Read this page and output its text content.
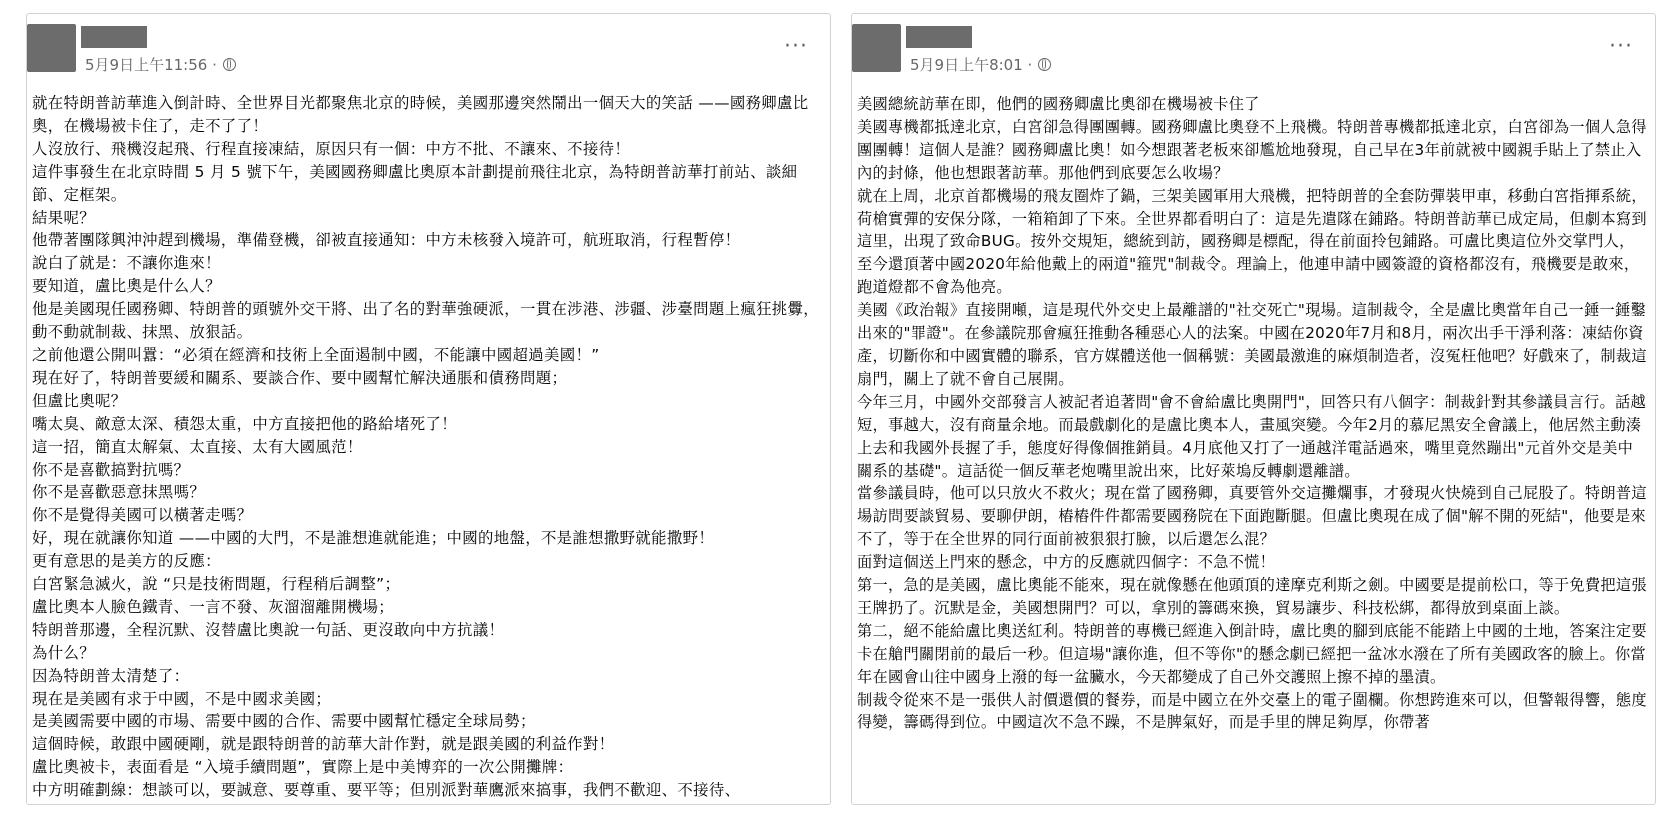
5月9日上午11:56 ·
···

就在特朗普訪華進入倒計時、全世界目光都聚焦北京的時候，美國那邊突然鬧出一個天大的笑話 ——國務卿盧比奧，在機場被卡住了，走不了了！

人沒放行、飛機沒起飛、行程直接凍結，原因只有一個：中方不批、不讓來、不接待！

這件事發生在北京時間 5 月 5 號下午，美國國務卿盧比奧原本計劃提前飛往北京，為特朗普訪華打前站、談細節、定框架。

結果呢？

他帶著團隊興沖沖趕到機場，準備登機，卻被直接通知：中方未核發入境許可，航班取消，行程暫停！

說白了就是：不讓你進來！

要知道，盧比奧是什么人？

他是美國現任國務卿、特朗普的頭號外交干將、出了名的對華強硬派，一貫在涉港、涉疆、涉臺問題上瘋狂挑釁，動不動就制裁、抹黑、放狠話。

之前他還公開叫囂：“必須在經濟和技術上全面遏制中國，不能讓中國超過美國！”

現在好了，特朗普要緩和關系、要談合作、要中國幫忙解決通脹和債務問題；

但盧比奧呢？

嘴太臭、敵意太深、積怨太重，中方直接把他的路給堵死了！

這一招，簡直太解氣、太直接、太有大國風范！

你不是喜歡搞對抗嗎？

你不是喜歡惡意抹黑嗎？

你不是覺得美國可以橫著走嗎？

好，現在就讓你知道 ——中國的大門，不是誰想進就能進；中國的地盤，不是誰想撒野就能撒野！

更有意思的是美方的反應：

白宮緊急滅火，說 “只是技術問題，行程稍后調整”；

盧比奧本人臉色鐵青、一言不發、灰溜溜離開機場；

特朗普那邊，全程沉默、沒替盧比奧說一句話、更沒敢向中方抗議！

為什么？

因為特朗普太清楚了：

現在是美國有求于中國，不是中國求美國；

是美國需要中國的市場、需要中國的合作、需要中國幫忙穩定全球局勢；

這個時候，敢跟中國硬剛，就是跟特朗普的訪華大計作對，就是跟美國的利益作對！

盧比奧被卡，表面看是 “入境手續問題”，實際上是中美博弈的一次公開攤牌：

中方明確劃線：想談可以，要誠意、要尊重、要平等；但別派對華鷹派來搞事，我們不歡迎、不接待、

5月9日上午8:01 ·
···

美國總統訪華在即，他們的國務卿盧比奧卻在機場被卡住了

美國專機都抵達北京，白宮卻急得團團轉。國務卿盧比奧登不上飛機。特朗普專機都抵達北京，白宮卻為一個人急得團團轉！這個人是誰？國務卿盧比奧！如今想跟著老板來卻尷尬地發現，自己早在3年前就被中國親手貼上了禁止入內的封條，他也想跟著訪華。那他們到底要怎么收場？

就在上周，北京首都機場的飛友圈炸了鍋，三架美國軍用大飛機，把特朗普的全套防彈裝甲車，移動白宮指揮系統，荷槍實彈的安保分隊，一箱箱卸了下來。全世界都看明白了：這是先遣隊在鋪路。特朗普訪華已成定局，但劇本寫到這里，出現了致命BUG。按外交規矩，總統到訪，國務卿是標配，得在前面拎包鋪路。可盧比奧這位外交掌門人，至今還頂著中國2020年給他戴上的兩道"箍咒"制裁令。理論上，他連申請中國簽證的資格都沒有，飛機要是敢來，跑道燈都不會為他亮。

美國《政治報》直接開噸，這是現代外交史上最離譜的"社交死亡"現場。這制裁令，全是盧比奧當年自己一錘一錘鑿出來的"罪證"。在參議院那會瘋狂推動各種惡心人的法案。中國在2020年7月和8月，兩次出手干淨利落：凍結你資產，切斷你和中國實體的聯系，官方媒體送他一個稱號：美國最激進的麻煩制造者，沒冤枉他吧？好戲來了，制裁這扇門，關上了就不會自己展開。

今年三月，中國外交部發言人被記者追著問"會不會給盧比奧開門"，回答只有八個字：制裁針對其參議員言行。話越短，事越大，沒有商量余地。而最戲劇化的是盧比奧本人，畫風突變。今年2月的慕尼黑安全會議上，他居然主動湊上去和我國外長握了手，態度好得像個推銷員。4月底他又打了一通越洋電話過來，嘴里竟然蹦出"元首外交是美中關系的基礎"。這話從一個反華老炮嘴里說出來，比好萊塢反轉劇還離譜。

當參議員時，他可以只放火不救火；現在當了國務卿，真要管外交這攤爛事，才發現火快燒到自己屁股了。特朗普這場訪問要談貿易、要聊伊朗，樁樁件件都需要國務院在下面跑斷腿。但盧比奧現在成了個"解不開的死結"，他要是來不了，等于在全世界的同行面前被狠狠打臉，以后還怎么混？

面對這個送上門來的懸念，中方的反應就四個字：不急不慌！

第一，急的是美國，盧比奧能不能來，現在就像懸在他頭頂的達摩克利斯之劍。中國要是提前松口，等于免費把這張王牌扔了。沉默是金，美國想開門？可以，拿別的籌碼來換，貿易讓步、科技松綁，都得放到桌面上談。

第二，絕不能給盧比奧送紅利。特朗普的專機已經進入倒計時，盧比奧的腳到底能不能踏上中國的土地，答案注定要卡在艙門關閉前的最后一秒。但這場"讓你進，但不等你"的懸念劇已經把一盆冰水潑在了所有美國政客的臉上。你當年在國會山往中國身上潑的每一盆臟水，今天都變成了自己外交護照上擦不掉的墨漬。

制裁令從來不是一張供人討價還價的餐券，而是中國立在外交臺上的電子圍欄。你想跨進來可以，但警報得響，態度得變，籌碼得到位。中國這次不急不躁，不是脾氣好，而是手里的牌足夠厚，你帶著
